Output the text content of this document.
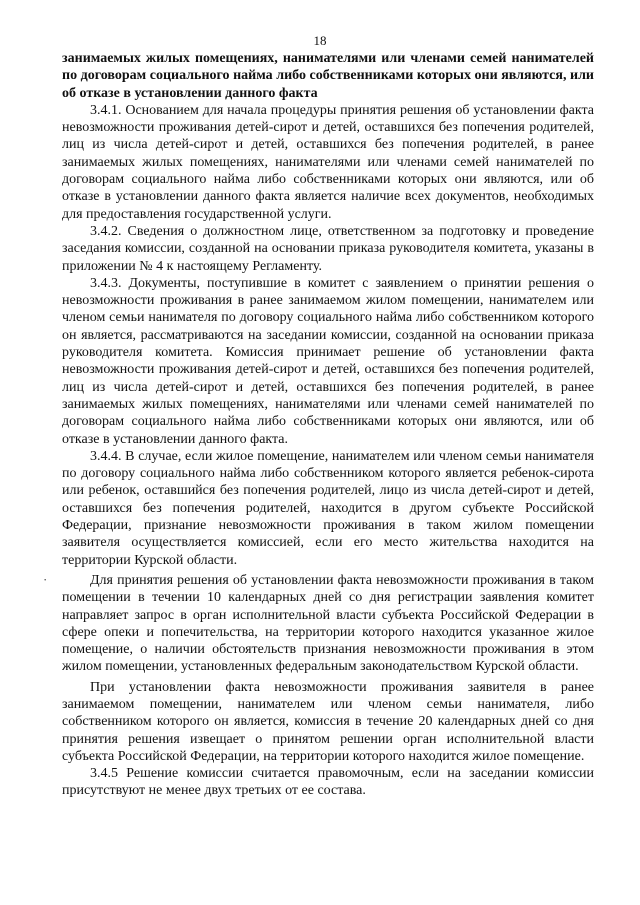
18
·

занимаемых жилых помещениях, нанимателями или членами семей нанимателей по договорам социального найма либо собственниками которых они являются, или об отказе в установлении данного факта

3.4.1. Основанием для начала процедуры принятия решения об установлении факта невозможности проживания детей-сирот и детей, оставшихся без попечения родителей, лиц из числа детей-сирот и детей, оставшихся без попечения родителей, в ранее занимаемых жилых помещениях, нанимателями или членами семей нанимателей по договорам социального найма либо собственниками которых они являются, или об отказе в установлении данного факта является наличие всех документов, необходимых для предоставления государственной услуги.

3.4.2. Сведения о должностном лице, ответственном за подготовку и проведение заседания комиссии, созданной на основании приказа руководителя комитета, указаны в приложении № 4 к настоящему Регламенту.

3.4.3. Документы, поступившие в комитет с заявлением о принятии решения о невозможности проживания в ранее занимаемом жилом помещении, нанимателем или членом семьи нанимателя по договору социального найма либо собственником которого он является, рассматриваются на заседании комиссии, созданной на основании приказа руководителя комитета. Комиссия принимает решение об установлении факта невозможности проживания детей-сирот и детей, оставшихся без попечения родителей, лиц из числа детей-сирот и детей, оставшихся без попечения родителей, в ранее занимаемых жилых помещениях, нанимателями или членами семей нанимателей по договорам социального найма либо собственниками которых они являются, или об отказе в установлении данного факта.

3.4.4. В случае, если жилое помещение, нанимателем или членом семьи нанимателя по договору социального найма либо собственником которого является ребенок-сирота или ребенок, оставшийся без попечения родителей, лицо из числа детей-сирот и детей, оставшихся без попечения родителей, находится в другом субъекте Российской Федерации, признание невозможности проживания в таком жилом помещении заявителя осуществляется комиссией, если его место жительства находится на территории Курской области.

Для принятия решения об установлении факта невозможности проживания в таком помещении в течении 10 календарных дней со дня регистрации заявления комитет направляет запрос в орган исполнительной власти субъекта Российской Федерации в сфере опеки и попечительства, на территории которого находится указанное жилое помещение, о наличии обстоятельств признания невозможности проживания в этом жилом помещении, установленных федеральным законодательством Курской области.

При установлении факта невозможности проживания заявителя в ранее занимаемом помещении, нанимателем или членом семьи нанимателя, либо собственником которого он является, комиссия в течение 20 календарных дней со дня принятия решения извещает о принятом решении орган исполнительной власти субъекта Российской Федерации, на территории которого находится жилое помещение.

3.4.5 Решение комиссии считается правомочным, если на заседании комиссии присутствуют не менее двух третьих от ее состава.
